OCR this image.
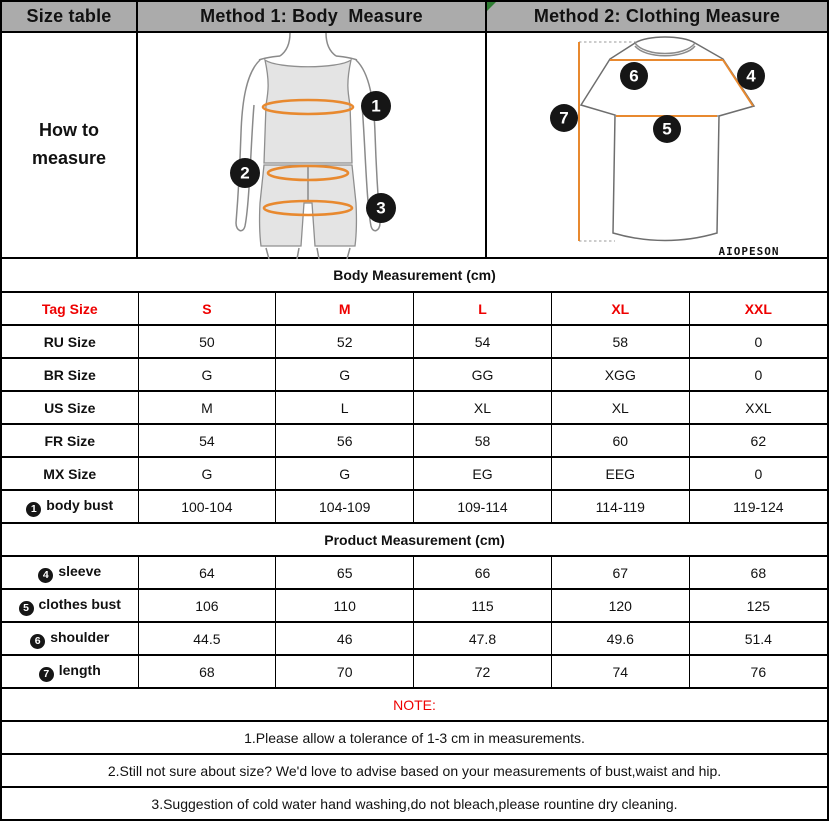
Size table	Method 1: Body  Measure	Method 2: Clothing Measure
How to
measure
1
2
3
6	4
7
5
AIOPESON
Body Measurement (cm)					
Tag Size	S	M	L	XL	XXL
RU Size	50	52	54	58	0
BR Size	G	G	GG	XGG	0
US Size	M	L	XL	XL	XXL
FR Size	54	56	58	60	62
MX Size	G	G	EG	EEG	0
1 body bust	100-104	104-109	109-114	114-119	119-124
Product Measurement (cm)					
4 sleeve	64	65	66	67	68
5 clothes bust	106	110	115	120	125
6 shoulder	44.5	46	47.8	49.6	51.4
7 length	68	70	72	74	76
NOTE:					
1.Please allow a tolerance of 1-3 cm in measurements.					
2.Still not sure about size? We'd love to advise based on your measurements of bust,waist and hip.					
3.Suggestion of cold water hand washing,do not bleach,please rountine dry cleaning.					
